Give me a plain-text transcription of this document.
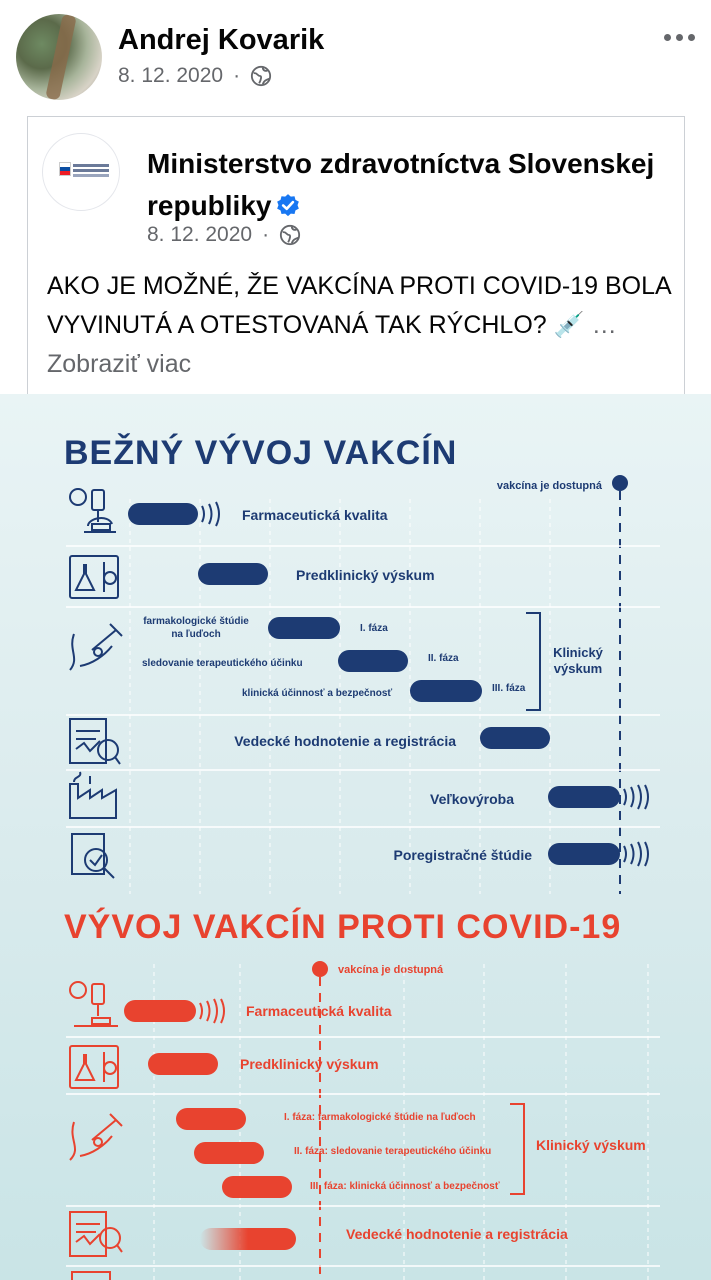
Andrej Kovarik
8. 12. 2020 ·
Ministerstvo zdravotníctva Slovenskej republiky
8. 12. 2020 ·
AKO JE MOŽNÉ, ŽE VAKCÍNA PROTI COVID-19 BOLA VYVINUTÁ A OTESTOVANÁ TAK RÝCHLO? 💉 … Zobraziť viac
BEŽNÝ VÝVOJ VAKCÍN
vakcína je dostupná
Farmaceutická kvalita
Predklinický výskum
farmakologické štúdie na ľuďoch
I. fáza
sledovanie terapeutického účinku	II. fáza
klinická účinnosť a bezpečnosť	III. fáza
Klinický
výskum
Vedecké hodnotenie a registrácia
Veľkovýroba
Poregistračné štúdie
VÝVOJ VAKCÍN PROTI COVID-19
vakcína je dostupná
Farmaceutická kvalita
Predklinický výskum
I. fáza: farmakologické štúdie na ľuďoch
II. fáza: sledovanie terapeutického účinku
III. fáza: klinická účinnosť a bezpečnosť
Klinický výskum
Vedecké hodnotenie a registrácia
